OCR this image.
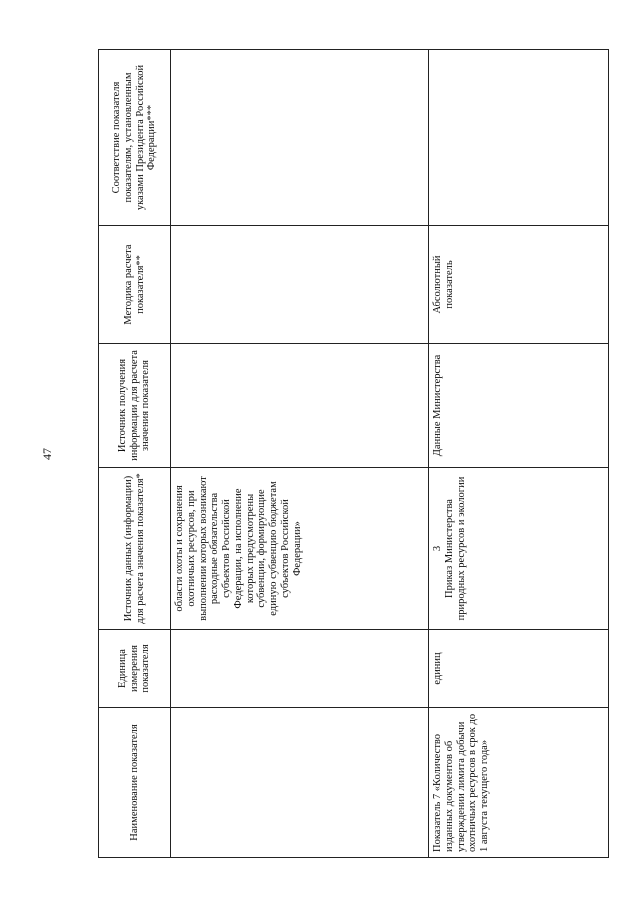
47
Наименование показателя	Единица измерения показателя	Источник данных (информации) для расчета значения показателя*	Источник получения информации для расчета значения показателя	Методика расчета показателя**	Соответствие показателя показателям, установленным указами Президента Российской Федерации***
		области охоты и сохранения охотничьих ресурсов, при выполнении которых возникают расходные обязательства субъектов Российской Федерации, на исполнение которых предусмотрены субвенции, формирующие единую субвенцию бюджетам субъектов Российской Федерации»			
Показатель 7 «Количество изданных документов об утверждении лимита добычи охотничьих ресурсов в срок до 1 августа текущего года»	единиц	3 Приказ Министерства природных ресурсов и экологии	Данные Министерства	Абсолютный показатель	
